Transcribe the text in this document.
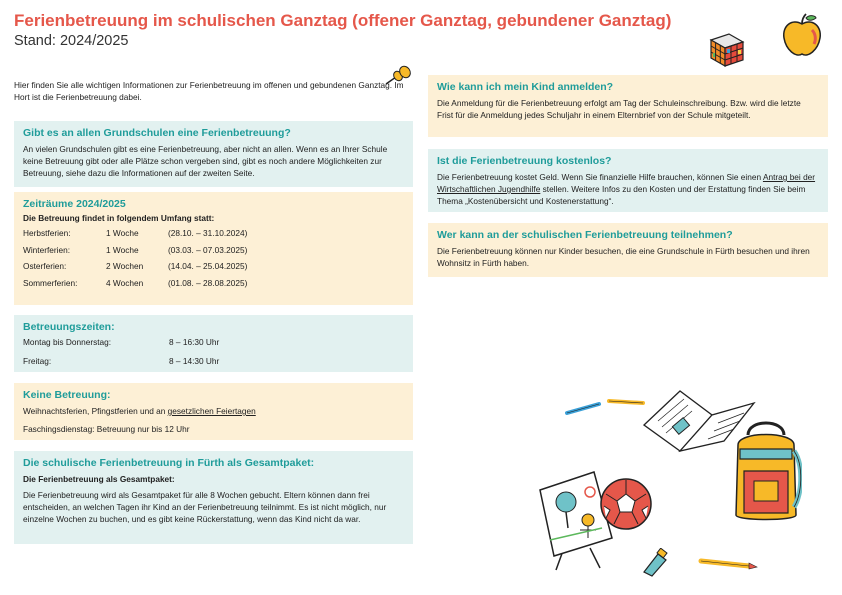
Ferienbetreuung im schulischen Ganztag (offener Ganztag, gebundener Ganztag)
Stand: 2024/2025
Hier finden Sie alle wichtigen Informationen zur Ferienbetreuung im offenen und gebundenen Ganztag. Im Hort ist die Ferienbetreuung dabei.
Gibt es an allen Grundschulen eine Ferienbetreuung?
An vielen Grundschulen gibt es eine Ferienbetreuung, aber nicht an allen. Wenn es an Ihrer Schule keine Betreuung gibt oder alle Plätze schon vergeben sind, gibt es noch andere Möglichkeiten zur Betreuung, siehe dazu die Informationen auf der zweiten Seite.
Zeiträume 2024/2025
Die Betreuung findet in folgendem Umfang statt:
Herbstferien:	1 Woche	(28.10. – 31.10.2024)
Winterferien:	1 Woche	(03.03. – 07.03.2025)
Osterferien:	2 Wochen	(14.04. – 25.04.2025)
Sommerferien:	4 Wochen	(01.08. – 28.08.2025)
Betreuungszeiten:
Montag bis Donnerstag:	8 – 16:30 Uhr
Freitag:	8 – 14:30 Uhr
Keine Betreuung:
Weihnachtsferien, Pfingstferien und an gesetzlichen Feiertagen
Faschingsdienstag: Betreuung nur bis 12 Uhr
Die schulische Ferienbetreuung in Fürth als Gesamtpaket:
Die Ferienbetreuung als Gesamtpaket:
Die Ferienbetreuung wird als Gesamtpaket für alle 8 Wochen gebucht. Eltern können dann frei entscheiden, an welchen Tagen ihr Kind an der Ferienbetreuung teilnimmt. Es ist nicht möglich, nur einzelne Wochen zu buchen, und es gibt keine Rückerstattung, wenn das Kind nicht da war.
Wie kann ich mein Kind anmelden?
Die Anmeldung für die Ferienbetreuung erfolgt am Tag der Schuleinschreibung. Bzw. wird die letzte Frist für die Anmeldung jedes Schuljahr in einem Elternbrief von der Schule mitgeteilt.
Ist die Ferienbetreuung kostenlos?
Die Ferienbetreuung kostet Geld. Wenn Sie finanzielle Hilfe brauchen, können Sie einen Antrag bei der Wirtschaftlichen Jugendhilfe stellen. Weitere Infos zu den Kosten und der Erstattung finden Sie beim Thema „Kostenübersicht und Kostenerstattung“.
Wer kann an der schulischen Ferienbetreuung teilnehmen?
Die Ferienbetreuung können nur Kinder besuchen, die eine Grundschule in Fürth besuchen und ihren Wohnsitz in Fürth haben.
